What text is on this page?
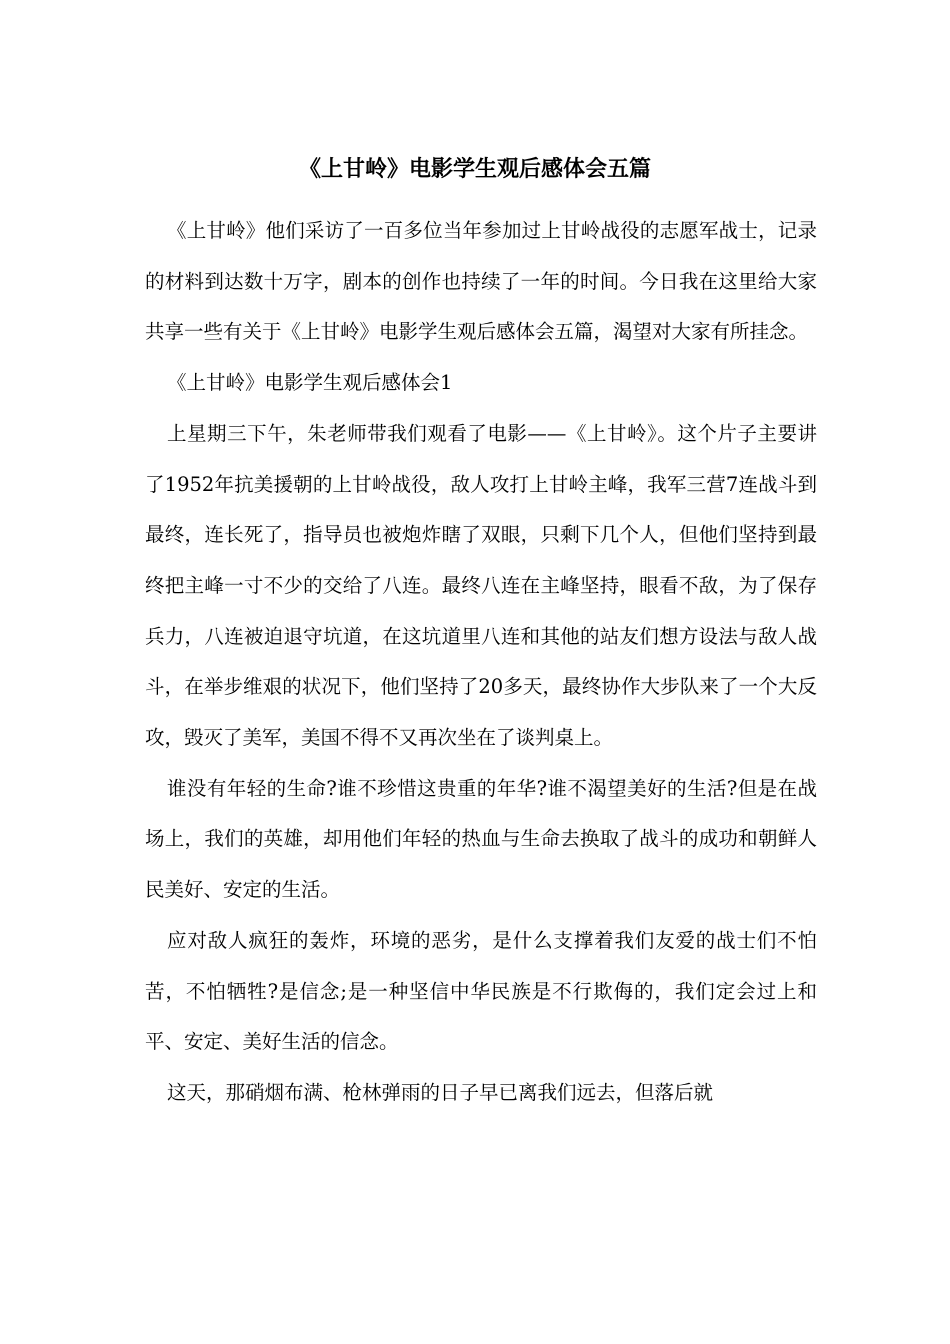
《上甘岭》电影学生观后感体会五篇

《上甘岭》他们采访了一百多位当年参加过上甘岭战役的志愿军战士，记录的材料到达数十万字，剧本的创作也持续了一年的时间。今日我在这里给大家共享一些有关于《上甘岭》电影学生观后感体会五篇，渴望对大家有所挂念。

《上甘岭》电影学生观后感体会1

上星期三下午，朱老师带我们观看了电影——《上甘岭》。这个片子主要讲了1952年抗美援朝的上甘岭战役，敌人攻打上甘岭主峰，我军三营7连战斗到最终，连长死了，指导员也被炮炸瞎了双眼，只剩下几个人，但他们坚持到最终把主峰一寸不少的交给了八连。最终八连在主峰坚持，眼看不敌，为了保存兵力，八连被迫退守坑道，在这坑道里八连和其他的站友们想方设法与敌人战斗，在举步维艰的状况下，他们坚持了20多天，最终协作大步队来了一个大反攻，毁灭了美军，美国不得不又再次坐在了谈判桌上。

谁没有年轻的生命?谁不珍惜这贵重的年华?谁不渴望美好的生活?但是在战场上，我们的英雄，却用他们年轻的热血与生命去换取了战斗的成功和朝鲜人民美好、安定的生活。

应对敌人疯狂的轰炸，环境的恶劣，是什么支撑着我们友爱的战士们不怕苦，不怕牺牲?是信念;是一种坚信中华民族是不行欺侮的，我们定会过上和平、安定、美好生活的信念。

这天，那硝烟布满、枪林弹雨的日子早已离我们远去，但落后就
